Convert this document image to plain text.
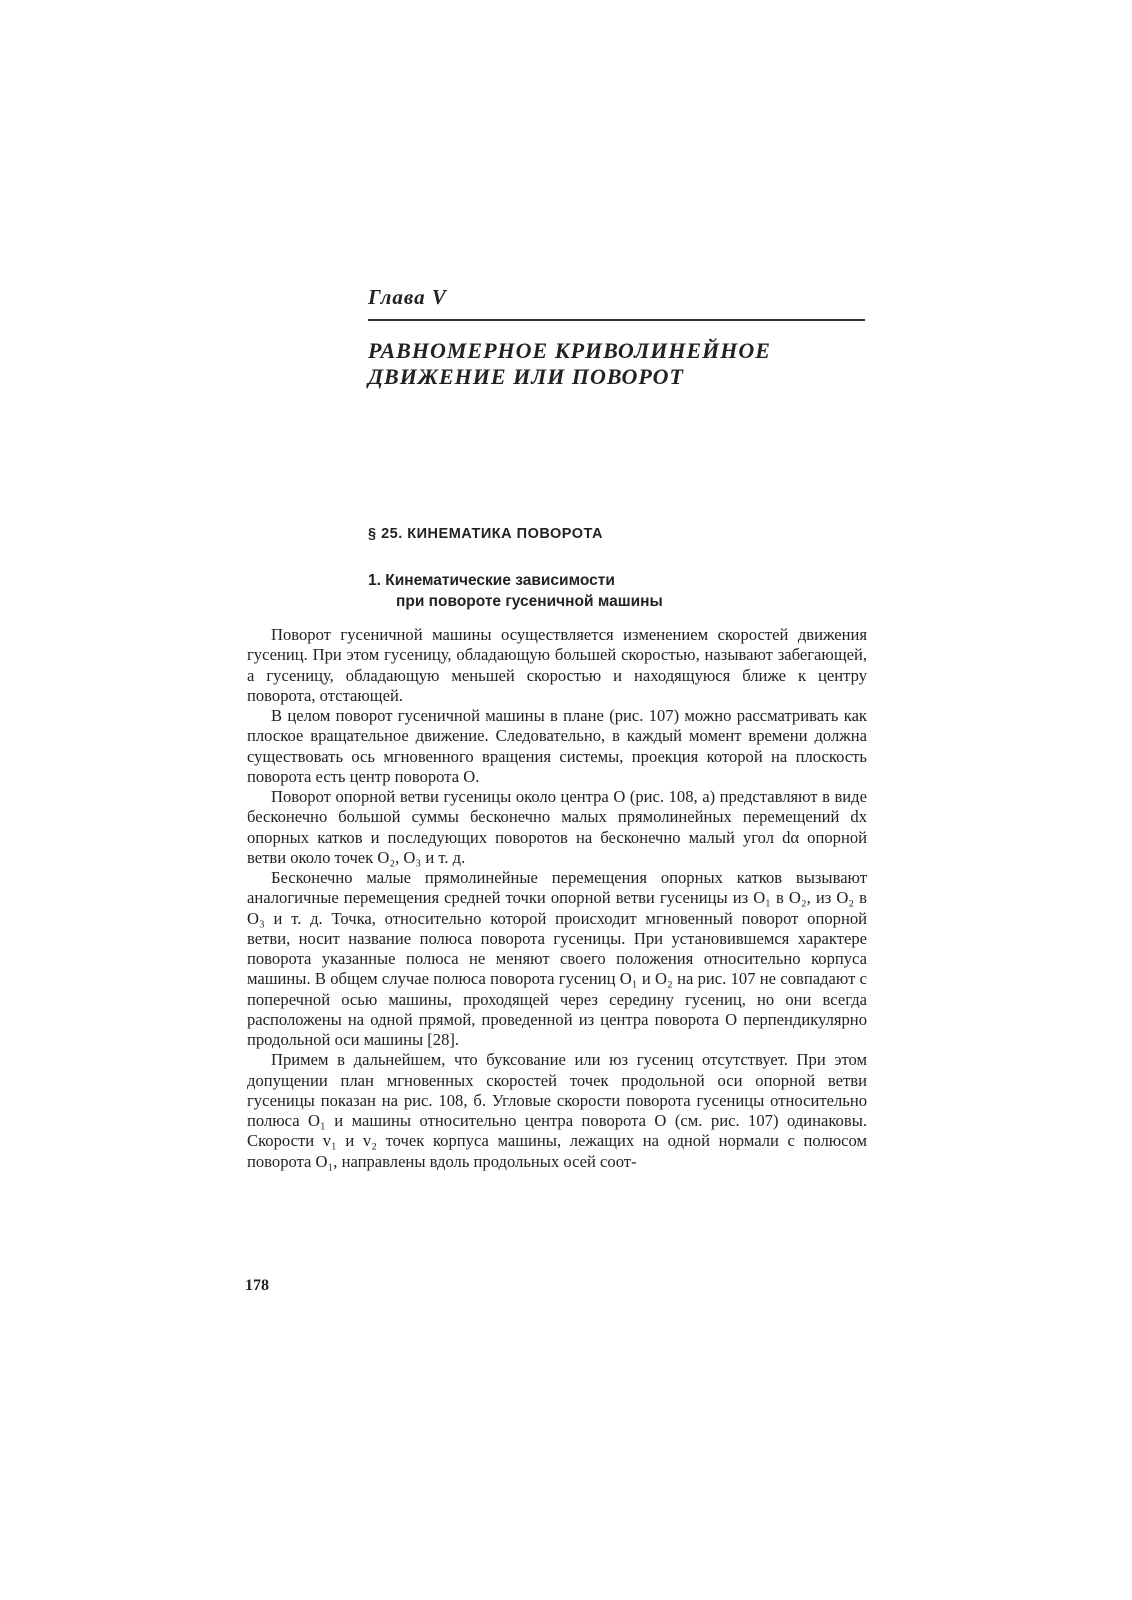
Глава V
РАВНОМЕРНОЕ КРИВОЛИНЕЙНОЕ
ДВИЖЕНИЕ ИЛИ ПОВОРОТ
§ 25. КИНЕМАТИКА ПОВОРОТА
1. Кинематические зависимости
при повороте гусеничной машины

Поворот гусеничной машины осуществляется изменением скоростей движения гусениц. При этом гусеницу, обладающую большей скоростью, называют забегающей, а гусеницу, обладающую меньшей скоростью и находящуюся ближе к центру поворота, отстающей.

В целом поворот гусеничной машины в плане (рис. 107) можно рассматривать как плоское вращательное движение. Следовательно, в каждый момент времени должна существовать ось мгновенного вращения системы, проекция которой на плоскость поворота есть центр поворота O.

Поворот опорной ветви гусеницы около центра O (рис. 108, a) представляют в виде бесконечно большой суммы бесконечно малых прямолинейных перемещений dx опорных катков и последующих поворотов на бесконечно малый угол dα опорной ветви около точек O₂, O₃ и т. д.

Бесконечно малые прямолинейные перемещения опорных катков вызывают аналогичные перемещения средней точки опорной ветви гусеницы из O₁ в O₂, из O₂ в O₃ и т. д. Точка, относительно которой происходит мгновенный поворот опорной ветви, носит название полюса поворота гусеницы. При установившемся характере поворота указанные полюса не меняют своего положения относительно корпуса машины. В общем случае полюса поворота гусениц O₁ и O₂ на рис. 107 не совпадают с поперечной осью машины, проходящей через середину гусениц, но они всегда расположены на одной прямой, проведенной из центра поворота O перпендикулярно продольной оси машины [28].

Примем в дальнейшем, что буксование или юз гусениц отсутствует. При этом допущении план мгновенных скоростей точек продольной оси опорной ветви гусеницы показан на рис. 108, б. Угловые скорости поворота гусеницы относительно полюса O₁ и машины относительно центра поворота O (см. рис. 107) одинаковы. Скорости v₁ и v₂ точек корпуса машины, лежащих на одной нормали с полюсом поворота O₁, направлены вдоль продольных осей соот-

178
